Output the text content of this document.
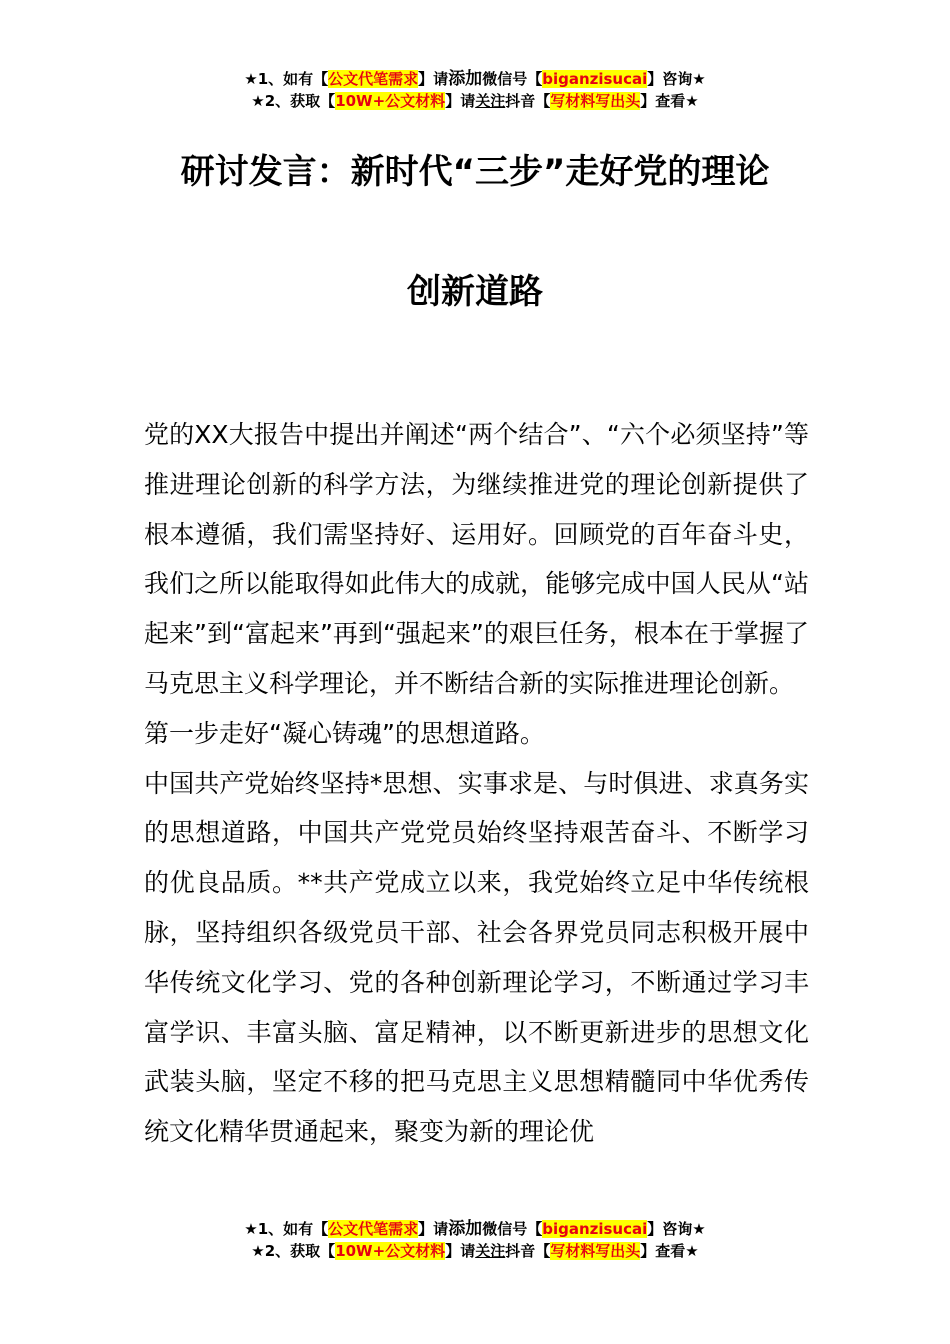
★1、如有【公文代笔需求】请添加微信号【biganzisucai】咨询★
★2、获取【10W+公文材料】请关注抖音【写材料写出头】查看★
研讨发言：新时代“三步”走好党的理论
创新道路

党的XX大报告中提出并阐述“两个结合”、“六个必须坚持”等推进理论创新的科学方法，为继续推进党的理论创新提供了根本遵循，我们需坚持好、运用好。回顾党的百年奋斗史，我们之所以能取得如此伟大的成就，能够完成中国人民从“站起来”到“富起来”再到“强起来”的艰巨任务，根本在于掌握了马克思主义科学理论，并不断结合新的实际推进理论创新。

第一步走好“凝心铸魂”的思想道路。

中国共产党始终坚持*思想、实事求是、与时俱进、求真务实的思想道路，中国共产党党员始终坚持艰苦奋斗、不断学习的优良品质。**共产党成立以来，我党始终立足中华传统根脉，坚持组织各级党员干部、社会各界党员同志积极开展中华传统文化学习、党的各种创新理论学习，不断通过学习丰富学识、丰富头脑、富足精神，以不断更新进步的思想文化武装头脑，坚定不移的把马克思主义思想精髓同中华优秀传统文化精华贯通起来，聚变为新的理论优

★1、如有【公文代笔需求】请添加微信号【biganzisucai】咨询★
★2、获取【10W+公文材料】请关注抖音【写材料写出头】查看★
